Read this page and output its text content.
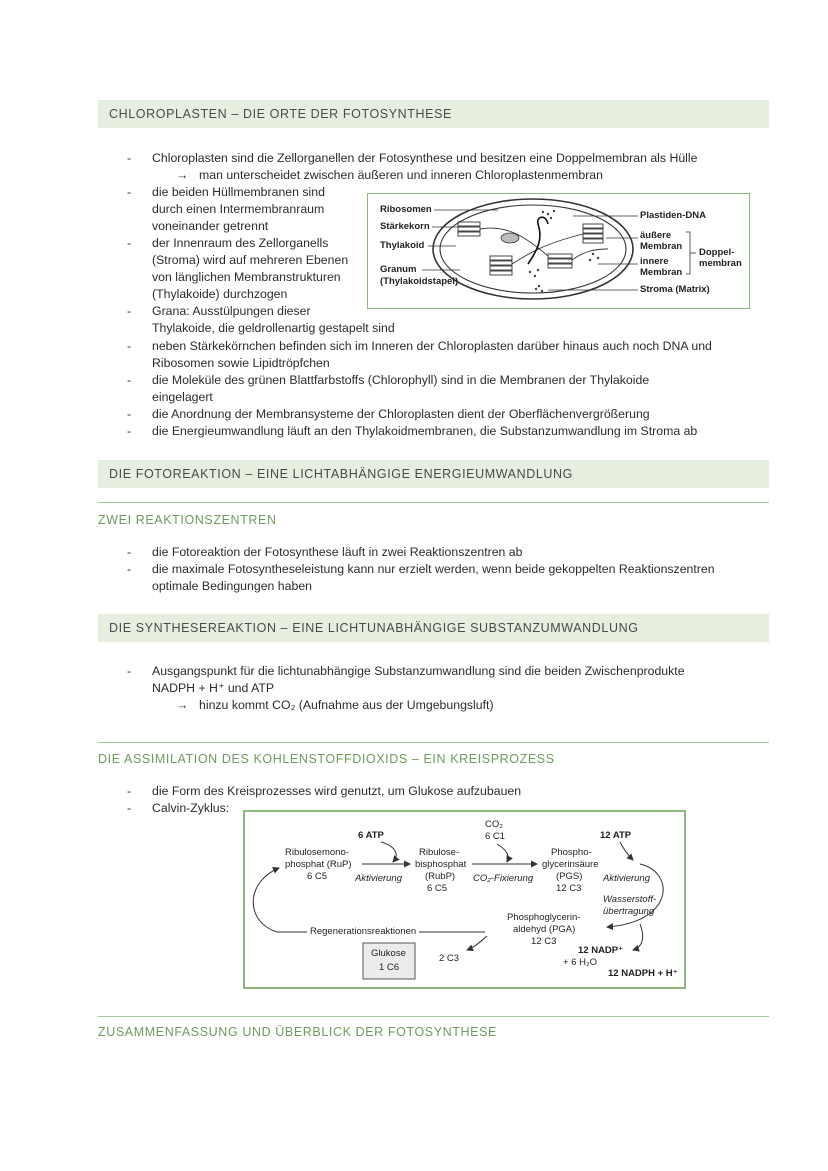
CHLOROPLASTEN – DIE ORTE DER FOTOSYNTHESE
- Chloroplasten sind die Zellorganellen der Fotosynthese und besitzen eine Doppelmembran als Hülle
→ man unterscheidet zwischen äußeren und inneren Chloroplastenmembran
- die beiden Hüllmembranen sind
durch einen Intermembranraum
voneinander getrennt
- der Innenraum des Zellorganells
(Stroma) wird auf mehreren Ebenen
von länglichen Membranstrukturen
(Thylakoide) durchzogen
- Grana: Ausstülpungen dieser
Thylakoide, die geldrollenartig gestapelt sind
- neben Stärkekörnchen befinden sich im Inneren der Chloroplasten darüber hinaus auch noch DNA und
Ribosomen sowie Lipidtröpfchen
- die Moleküle des grünen Blattfarbstoffs (Chlorophyll) sind in die Membranen der Thylakoide
eingelagert
- die Anordnung der Membransysteme der Chloroplasten dient der Oberflächenvergrößerung
- die Energieumwandlung läuft an den Thylakoidmembranen, die Substanzumwandlung im Stroma ab
Ribosomen
Stärkekorn
Thylakoid
Granum
(Thylakoidstapel)
Plastiden-DNA
äußere
Membran
innere
Membran
Doppel-
membran
Stroma (Matrix)
DIE FOTOREAKTION – EINE LICHTABHÄNGIGE ENERGIEUMWANDLUNG
ZWEI REAKTIONSZENTREN
- die Fotoreaktion der Fotosynthese läuft in zwei Reaktionszentren ab
- die maximale Fotosyntheseleistung kann nur erzielt werden, wenn beide gekoppelten Reaktionszentren
optimale Bedingungen haben
DIE SYNTHESEREAKTION – EINE LICHTUNABHÄNGIGE SUBSTANZUMWANDLUNG
- Ausgangspunkt für die lichtunabhängige Substanzumwandlung sind die beiden Zwischenprodukte
NADPH + H⁺ und ATP
→ hinzu kommt CO₂ (Aufnahme aus der Umgebungsluft)
DIE ASSIMILATION DES KOHLENSTOFFDIOXIDS – EIN KREISPROZESS
- die Form des Kreisprozesses wird genutzt, um Glukose aufzubauen
- Calvin-Zyklus:
6 ATP
CO₂
6 C1	12 ATP
Ribulosemono-
phosphat (RuP)
6 C5	Aktivierung
Ribulose-
bisphosphat
(RubP)
6 C5
CO₂-Fixierung
Phospho-
glycerinsäure
(PGS)
12 C3
Aktivierung
Wasserstoff-
übertragung
Regenerationsreaktionen
Phosphoglycerin-
aldehyd (PGA)
12 C3
Glukose
1 C6
2 C3
12 NADP⁺
+ 6 H₂O
12 NADPH + H⁺
ZUSAMMENFASSUNG UND ÜBERBLICK DER FOTOSYNTHESE
